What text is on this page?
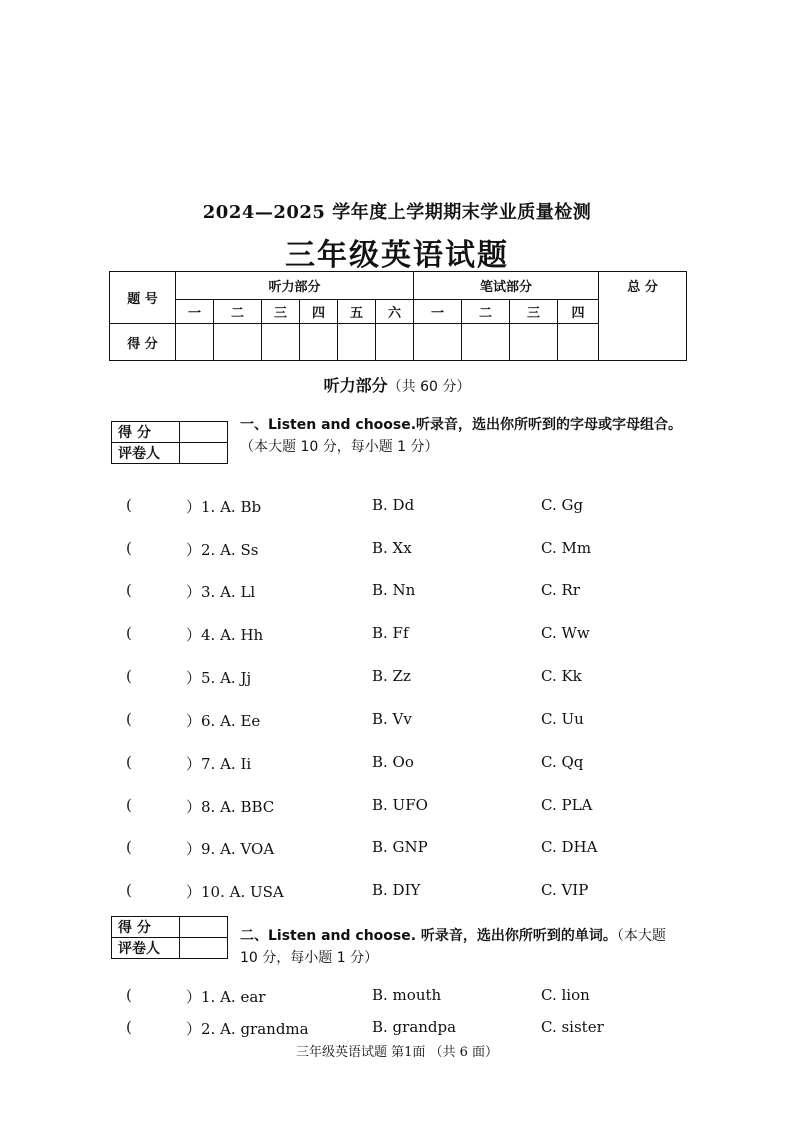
2024—2025 学年度上学期期末学业质量检测
三年级英语试题
题 号	听力部分						笔试部分				总 分
	一	二	三	四	五	六	一	二	三	四	
得 分											
听力部分（共 60 分）
得 分	
评卷人	
一、Listen and choose.听录音，选出你所听到的字母或字母组合。（本大题 10 分，每小题 1 分）
(	）1. A. Bb	B. Dd	C. Gg
(	）2. A. Ss	B. Xx	C. Mm
(	）3. A. Ll	B. Nn	C. Rr
(	）4. A. Hh	B. Ff	C. Ww
(	）5. A. Jj	B. Zz	C. Kk
(	）6. A. Ee	B. Vv	C. Uu
(	）7. A. Ii	B. Oo	C. Qq
(	）8. A. BBC	B. UFO	C. PLA
(	）9. A. VOA	B. GNP	C. DHA
(	）10. A. USA	B. DIY	C. VIP
得 分	
评卷人	
二、Listen and choose. 听录音，选出你所听到的单词。（本大题 10 分，每小题 1 分）
(	）1. A. ear	B. mouth	C. lion
(	）2. A. grandma	B. grandpa	C. sister
三年级英语试题 第1面 （共 6 面）
